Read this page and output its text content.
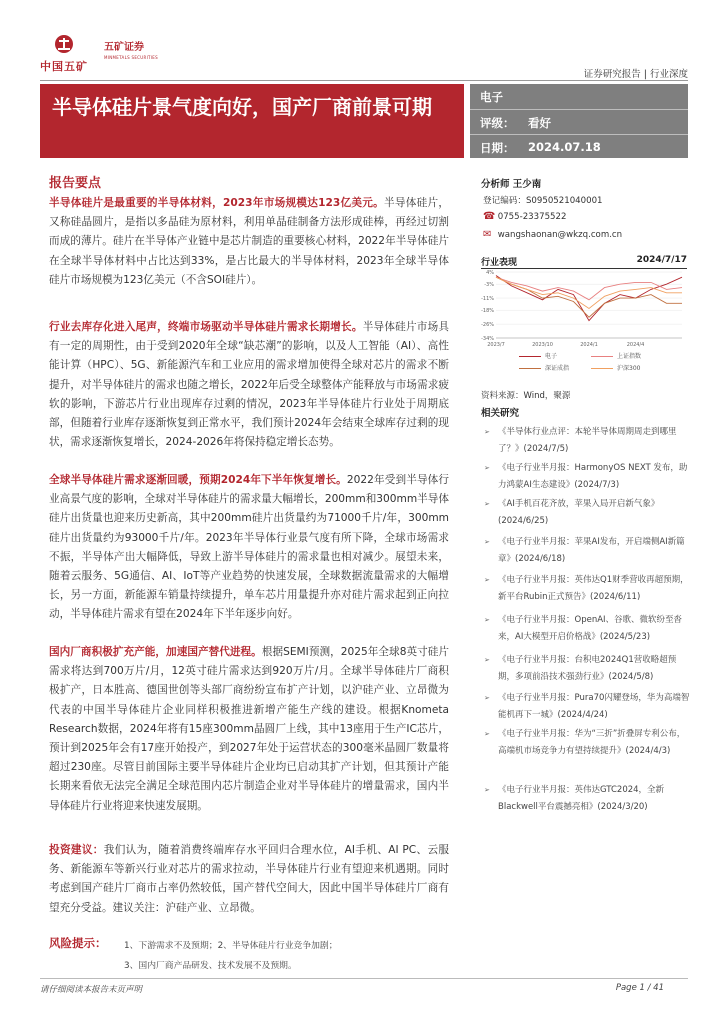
中国五矿
五矿证券
MINMETALS SECURITIES
证券研究报告 | 行业深度
半导体硅片景气度向好，国产厂商前景可期	电子
评级： 看好
日期： 2024.07.18
报告要点
半导体硅片是最重要的半导体材料，2023年市场规模达123亿美元。半导体硅片，又称硅晶圆片，是指以多晶硅为原材料，利用单晶硅制备方法形成硅棒，再经过切割而成的薄片。硅片在半导体产业链中是芯片制造的重要核心材料，2022年半导体硅片在全球半导体材料中占比达到33%，是占比最大的半导体材料，2023年全球半导体硅片市场规模为123亿美元（不含SOI硅片）。
行业去库存化进入尾声，终端市场驱动半导体硅片需求长期增长。半导体硅片市场具有一定的周期性，由于受到2020年全球“缺芯潮”的影响，以及人工智能（AI）、高性能计算（HPC）、5G、新能源汽车和工业应用的需求增加使得全球对芯片的需求不断提升，对半导体硅片的需求也随之增长，2022年后受全球整体产能释放与市场需求疲软的影响，下游芯片行业出现库存过剩的情况，2023年半导体硅片行业处于周期底部，但随着行业库存逐渐恢复到正常水平，我们预计2024年会结束全球库存过剩的现状，需求逐渐恢复增长，2024-2026年将保持稳定增长态势。
全球半导体硅片需求逐渐回暖，预期2024年下半年恢复增长。2022年受到半导体行业高景气度的影响，全球对半导体硅片的需求量大幅增长，200mm和300mm半导体硅片出货量也迎来历史新高，其中200mm硅片出货量约为71000千片/年，300mm硅片出货量约为93000千片/年。2023年半导体行业景气度有所下降，全球市场需求不振，半导体产出大幅降低，导致上游半导体硅片的需求量也相对减少。展望未来，随着云服务、5G通信、AI、IoT等产业趋势的快速发展，全球数据流量需求的大幅增长，另一方面，新能源车销量持续提升，单车芯片用量提升亦对硅片需求起到正向拉动，半导体硅片需求有望在2024年下半年逐步向好。
国内厂商积极扩充产能，加速国产替代进程。根据SEMI预测，2025年全球8英寸硅片需求将达到700万片/月，12英寸硅片需求达到920万片/月。全球半导体硅片厂商积极扩产，日本胜高、德国世创等头部厂商纷纷宣布扩产计划，以沪硅产业、立昂微为代表的中国半导体硅片企业同样积极推进新增产能生产线的建设。根据Knometa Research数据，2024年将有15座300mm晶圆厂上线，其中13座用于生产IC芯片，预计到2025年会有17座开始投产，到2027年处于运营状态的300毫米晶圆厂数量将超过230座。尽管目前国际主要半导体硅片企业均已启动其扩产计划，但其预计产能长期来看依无法完全满足全球范围内芯片制造企业对半导体硅片的增量需求，国内半导体硅片行业将迎来快速发展期。
投资建议：我们认为，随着消费终端库存水平回归合理水位，AI手机、AI PC、云服务、新能源车等新兴行业对芯片的需求拉动，半导体硅片行业有望迎来机遇期。同时考虑到国产硅片厂商市占率仍然较低，国产替代空间大，因此中国半导体硅片厂商有望充分受益。建议关注：沪硅产业、立昂微。
风险提示： 1、下游需求不及预期；2、半导体硅片行业竞争加剧；
3、国内厂商产品研发、技术发展不及预期。
分析师 王少南
登记编码：S0950521040001
☎ 0755-23375522
✉ wangshaonan@wkzq.com.cn
行业表现	2024/7/17
4%
-3%
-11%
-18%
-26%
-34%
2023/7	2023/10	2024/1	2024/4
电子	上证指数
深证成指	沪深300
资料来源：Wind，聚源
相关研究
➢ 《半导体行业点评：本轮半导体周期周走到哪里了？》(2024/7/5)
➢ 《电子行业半月报：HarmonyOS NEXT 发布，助力鸿蒙AI生态建设》(2024/7/3)
➢ 《AI手机百花齐放，苹果入局开启新气象》(2024/6/25)
➢ 《电子行业半月报：苹果AI发布，开启端侧AI新篇章》(2024/6/18)
➢ 《电子行业半月报：英伟达Q1财季营收再超预期，新平台Rubin正式预告》(2024/6/11)
➢ 《电子行业半月报：OpenAI、谷歌、微软纷至沓来，AI大模型开启价格战》(2024/5/23)
➢ 《电子行业半月报：台积电2024Q1营收略超预期，多项前沿技术强劲行业》(2024/5/8)
➢ 《电子行业半月报：Pura70闪耀登场，华为高端智能机再下一城》(2024/4/24)
➢ 《电子行业半月报：华为“三折”折叠屏专利公布，高端机市场竞争力有望持续提升》(2024/4/3)
➢ 《电子行业半月报：英伟达GTC2024，全新Blackwell平台震撼亮相》(2024/3/20)
请仔细阅读本报告末页声明	Page 1 / 41
